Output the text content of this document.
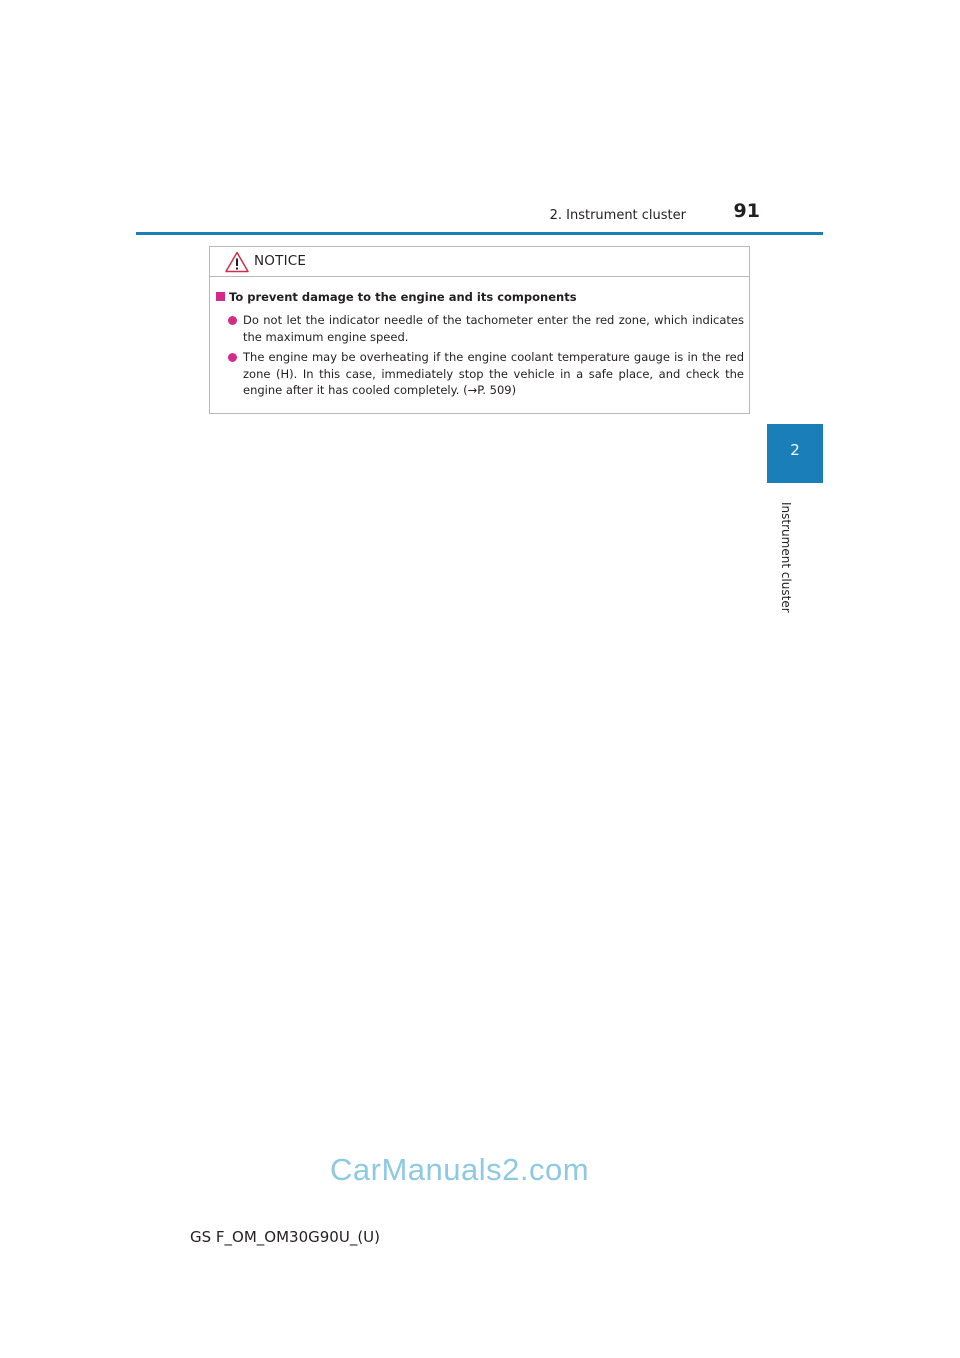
2. Instrument cluster	91
2
Instrument cluster
NOTICE
To prevent damage to the engine and its components
Do not let the indicator needle of the tachometer enter the red zone, which indicates the maximum engine speed.
The engine may be overheating if the engine coolant temperature gauge is in the red zone (H). In this case, immediately stop the vehicle in a safe place, and check the engine after it has cooled completely. (→P. 509)
CarManuals2.com
GS F_OM_OM30G90U_(U)
